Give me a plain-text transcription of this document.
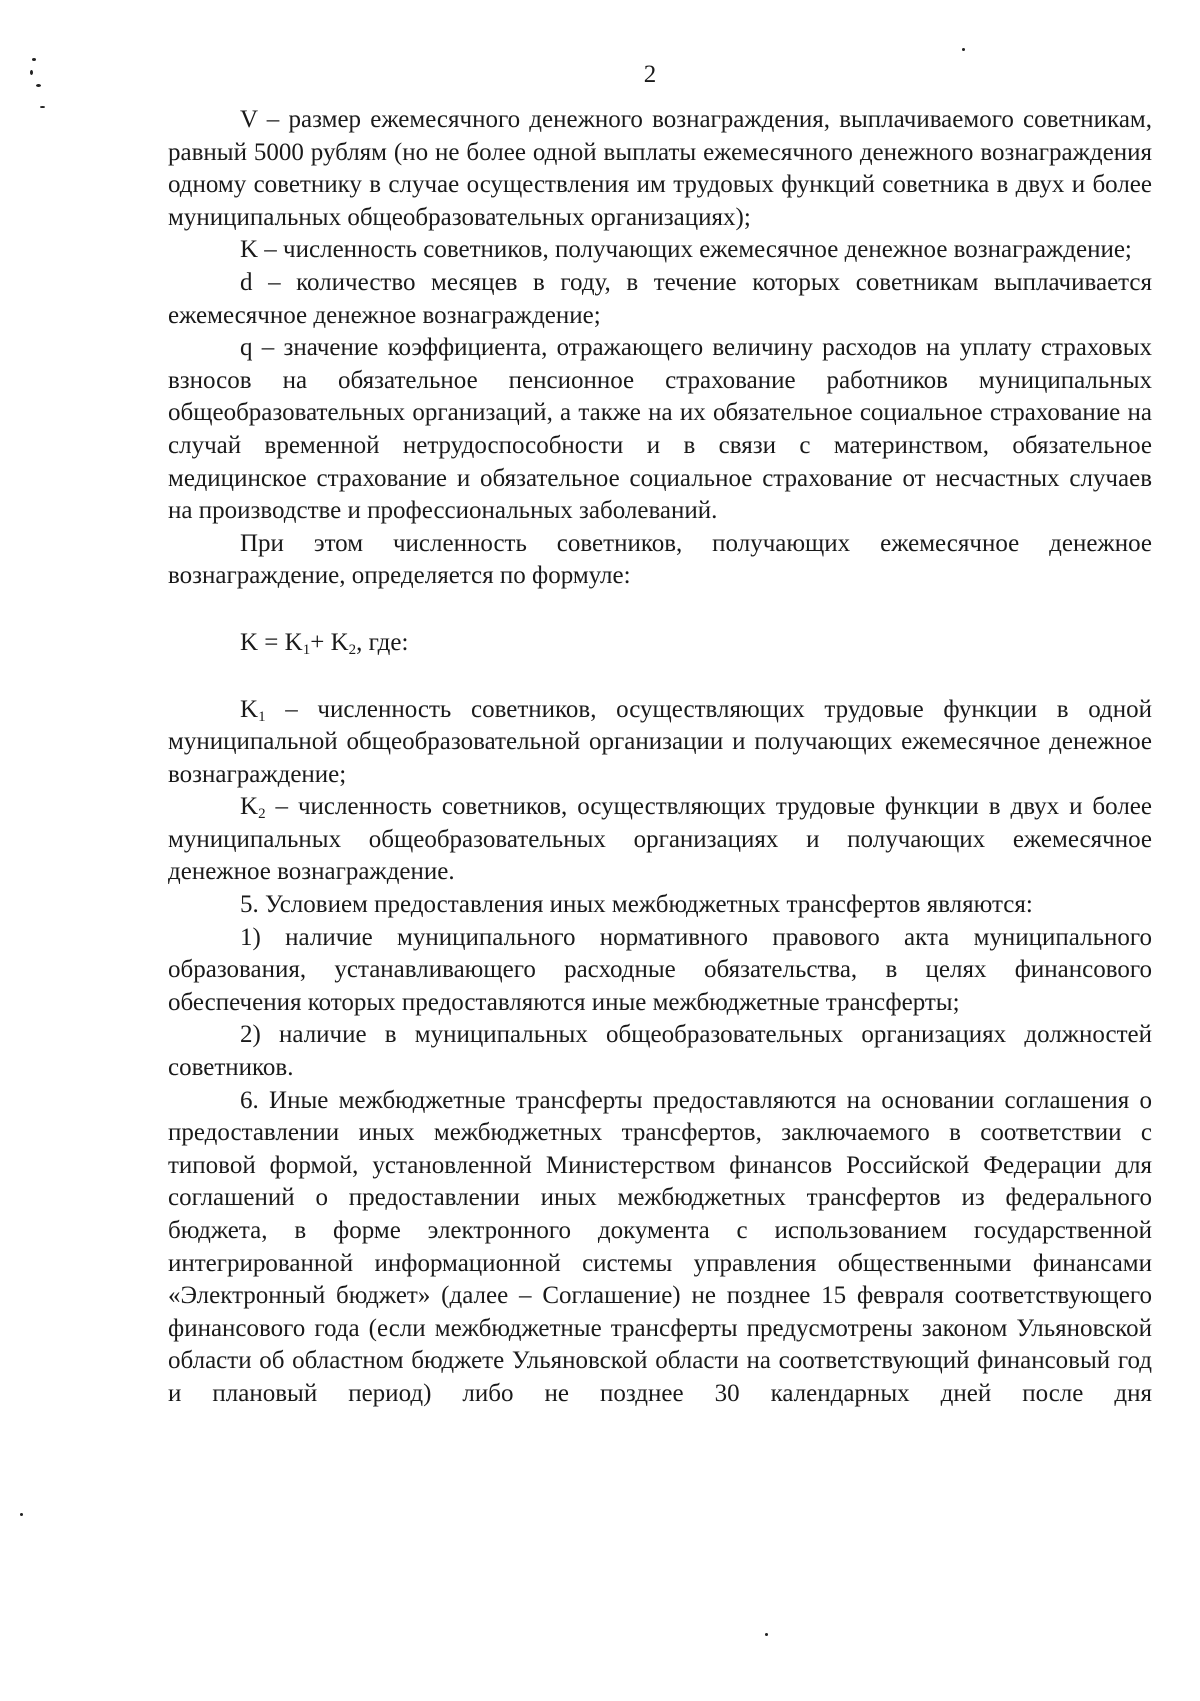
2

V – размер ежемесячного денежного вознаграждения, выплачиваемого советникам, равный 5000 рублям (но не более одной выплаты ежемесячного денежного вознаграждения одному советнику в случае осуществления им трудовых функций советника в двух и более муниципальных общеобразовательных организациях);

K – численность советников, получающих ежемесячное денежное вознаграждение;

d – количество месяцев в году, в течение которых советникам выплачивается ежемесячное денежное вознаграждение;

q – значение коэффициента, отражающего величину расходов на уплату страховых взносов на обязательное пенсионное страхование работников муниципальных общеобразовательных организаций, а также на их обязательное социальное страхование на случай временной нетрудоспособности и в связи с материнством, обязательное медицинское страхование и обязательное социальное страхование от несчастных случаев на производстве и профессиональных заболеваний.

При этом численность советников, получающих ежемесячное денежное вознаграждение, определяется по формуле:

$K = K_1+ K_2$, где:

$K_1$ – численность советников, осуществляющих трудовые функции в одной муниципальной общеобразовательной организации и получающих ежемесячное денежное вознаграждение;

$K_2$ – численность советников, осуществляющих трудовые функции в двух и более муниципальных общеобразовательных организациях и получающих ежемесячное денежное вознаграждение.

5. Условием предоставления иных межбюджетных трансфертов являются:

1) наличие муниципального нормативного правового акта муниципального образования, устанавливающего расходные обязательства, в целях финансового обеспечения которых предоставляются иные межбюджетные трансферты;

2) наличие в муниципальных общеобразовательных организациях должностей советников.

6. Иные межбюджетные трансферты предоставляются на основании соглашения о предоставлении иных межбюджетных трансфертов, заключаемого в соответствии с типовой формой, установленной Министерством финансов Российской Федерации для соглашений о предоставлении иных межбюджетных трансфертов из федерального бюджета, в форме электронного документа с использованием государственной интегрированной информационной системы управления общественными финансами «Электронный бюджет» (далее – Соглашение) не позднее 15 февраля соответствующего финансового года (если межбюджетные трансферты предусмотрены законом Ульяновской области об областном бюджете Ульяновской области на соответствующий финансовый год и плановый период) либо не позднее 30 календарных дней после дня
